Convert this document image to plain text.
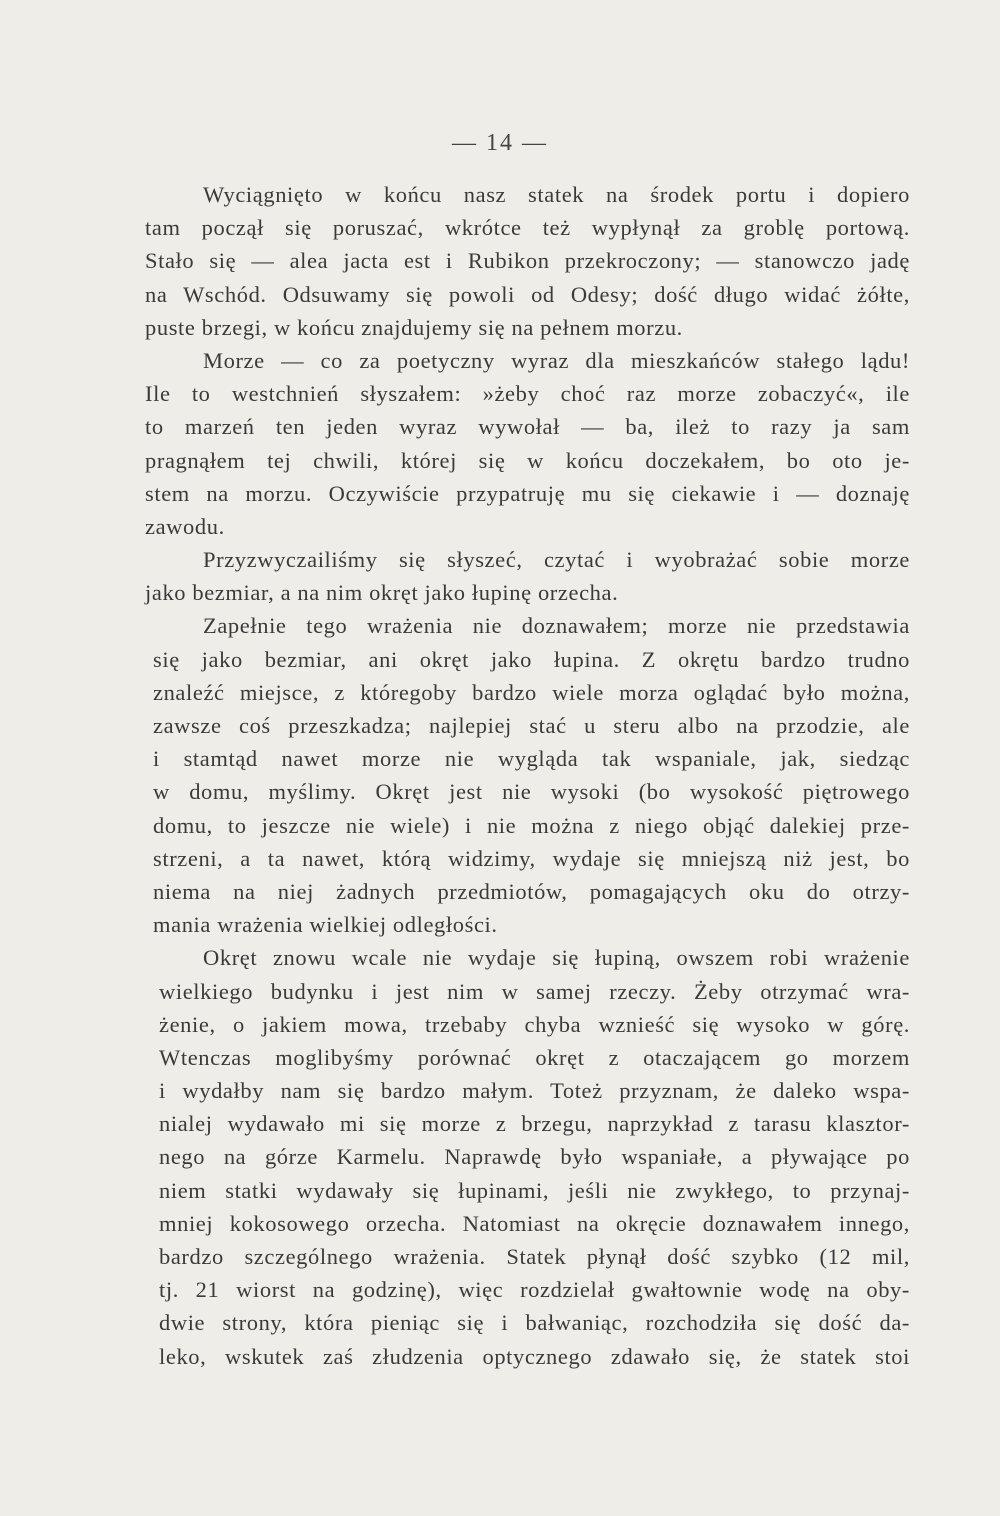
— 14 —
Wyciągnięto w końcu nasz statek na środek portu i dopiero
tam począł się poruszać, wkrótce też wypłynął za groblę portową.
Stało się — alea jacta est i Rubikon przekroczony; — stanowczo jadę
na Wschód. Odsuwamy się powoli od Odesy; dość długo widać żółte,
puste brzegi, w końcu znajdujemy się na pełnem morzu.
Morze — co za poetyczny wyraz dla mieszkańców stałego lądu!
Ile to westchnień słyszałem: »żeby choć raz morze zobaczyć«, ile
to marzeń ten jeden wyraz wywołał — ba, ileż to razy ja sam
pragnąłem tej chwili, której się w końcu doczekałem, bo oto je-
stem na morzu. Oczywiście przypatruję mu się ciekawie i — doznaję
zawodu.
Przyzwyczailiśmy się słyszeć, czytać i wyobrażać sobie morze
jako bezmiar, a na nim okręt jako łupinę orzecha.
Zapełnie tego wrażenia nie doznawałem; morze nie przedstawia
się jako bezmiar, ani okręt jako łupina. Z okrętu bardzo trudno
znaleźć miejsce, z któregoby bardzo wiele morza oglądać było można,
zawsze coś przeszkadza; najlepiej stać u steru albo na przodzie, ale
i stamtąd nawet morze nie wygląda tak wspaniale, jak, siedząc
w domu, myślimy. Okręt jest nie wysoki (bo wysokość piętrowego
domu, to jeszcze nie wiele) i nie można z niego objąć dalekiej prze-
strzeni, a ta nawet, którą widzimy, wydaje się mniejszą niż jest, bo
niema na niej żadnych przedmiotów, pomagających oku do otrzy-
mania wrażenia wielkiej odległości.
Okręt znowu wcale nie wydaje się łupiną, owszem robi wrażenie
wielkiego budynku i jest nim w samej rzeczy. Żeby otrzymać wra-
żenie, o jakiem mowa, trzebaby chyba wznieść się wysoko w górę.
Wtenczas moglibyśmy porównać okręt z otaczającem go morzem
i wydałby nam się bardzo małym. Toteż przyznam, że daleko wspa-
nialej wydawało mi się morze z brzegu, naprzykład z tarasu klasztor-
nego na górze Karmelu. Naprawdę było wspaniałe, a pływające po
niem statki wydawały się łupinami, jeśli nie zwykłego, to przynaj-
mniej kokosowego orzecha. Natomiast na okręcie doznawałem innego,
bardzo szczególnego wrażenia. Statek płynął dość szybko (12 mil,
tj. 21 wiorst na godzinę), więc rozdzielał gwałtownie wodę na oby-
dwie strony, która pieniąc się i bałwaniąc, rozchodziła się dość da-
leko, wskutek zaś złudzenia optycznego zdawało się, że statek stoi
